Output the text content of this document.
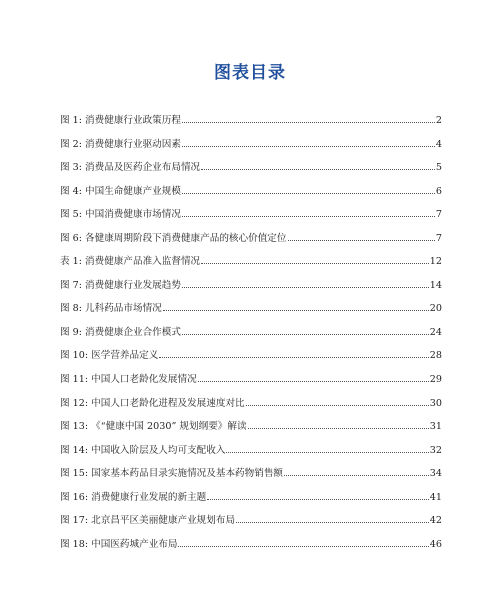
图表目录
图 1: 消费健康行业政策历程	2
图 2: 消费健康行业驱动因素	4
图 3: 消费品及医药企业布局情况	5
图 4: 中国生命健康产业规模	6
图 5: 中国消费健康市场情况	7
图 6: 各健康周期阶段下消费健康产品的核心价值定位	7
表 1: 消费健康产品准入监督情况	12
图 7: 消费健康行业发展趋势	14
图 8: 儿科药品市场情况	20
图 9: 消费健康企业合作模式	24
图 10: 医学营养品定义	28
图 11: 中国人口老龄化发展情况	29
图 12: 中国人口老龄化进程及发展速度对比	30
图 13: 《“健康中国 2030” 规划纲要》解读	31
图 14: 中国收入阶层及人均可支配收入	32
图 15: 国家基本药品目录实施情况及基本药物销售额	34
图 16: 消费健康行业发展的新主题	41
图 17: 北京昌平区美丽健康产业规划布局	42
图 18: 中国医药城产业布局	46
